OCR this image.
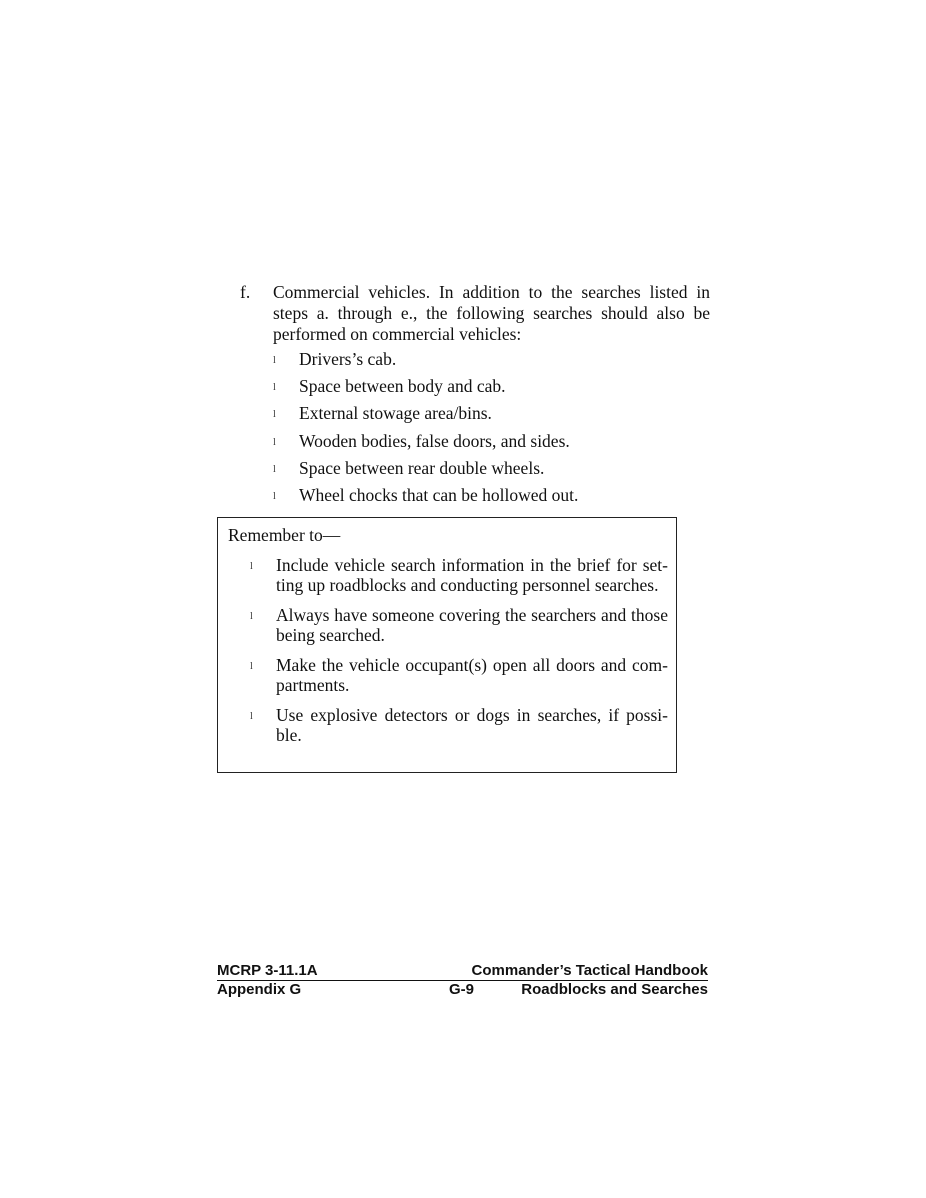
f. Commercial vehicles. In addition to the searches listed in steps a. through e., the following searches should also be performed on commercial vehicles:
l Drivers’s cab.
l Space between body and cab.
l External stowage area/bins.
l Wooden bodies, false doors, and sides.
l Space between rear double wheels.
l Wheel chocks that can be hollowed out.
Remember to—
l Include vehicle search information in the brief for set-ting up roadblocks and conducting personnel searches.
l Always have someone covering the searchers and those being searched.
l Make the vehicle occupant(s) open all doors and com-partments.
l Use explosive detectors or dogs in searches, if possi-ble.
MCRP 3-11.1A	Commander’s Tactical Handbook
Appendix G	G-9	Roadblocks and Searches
